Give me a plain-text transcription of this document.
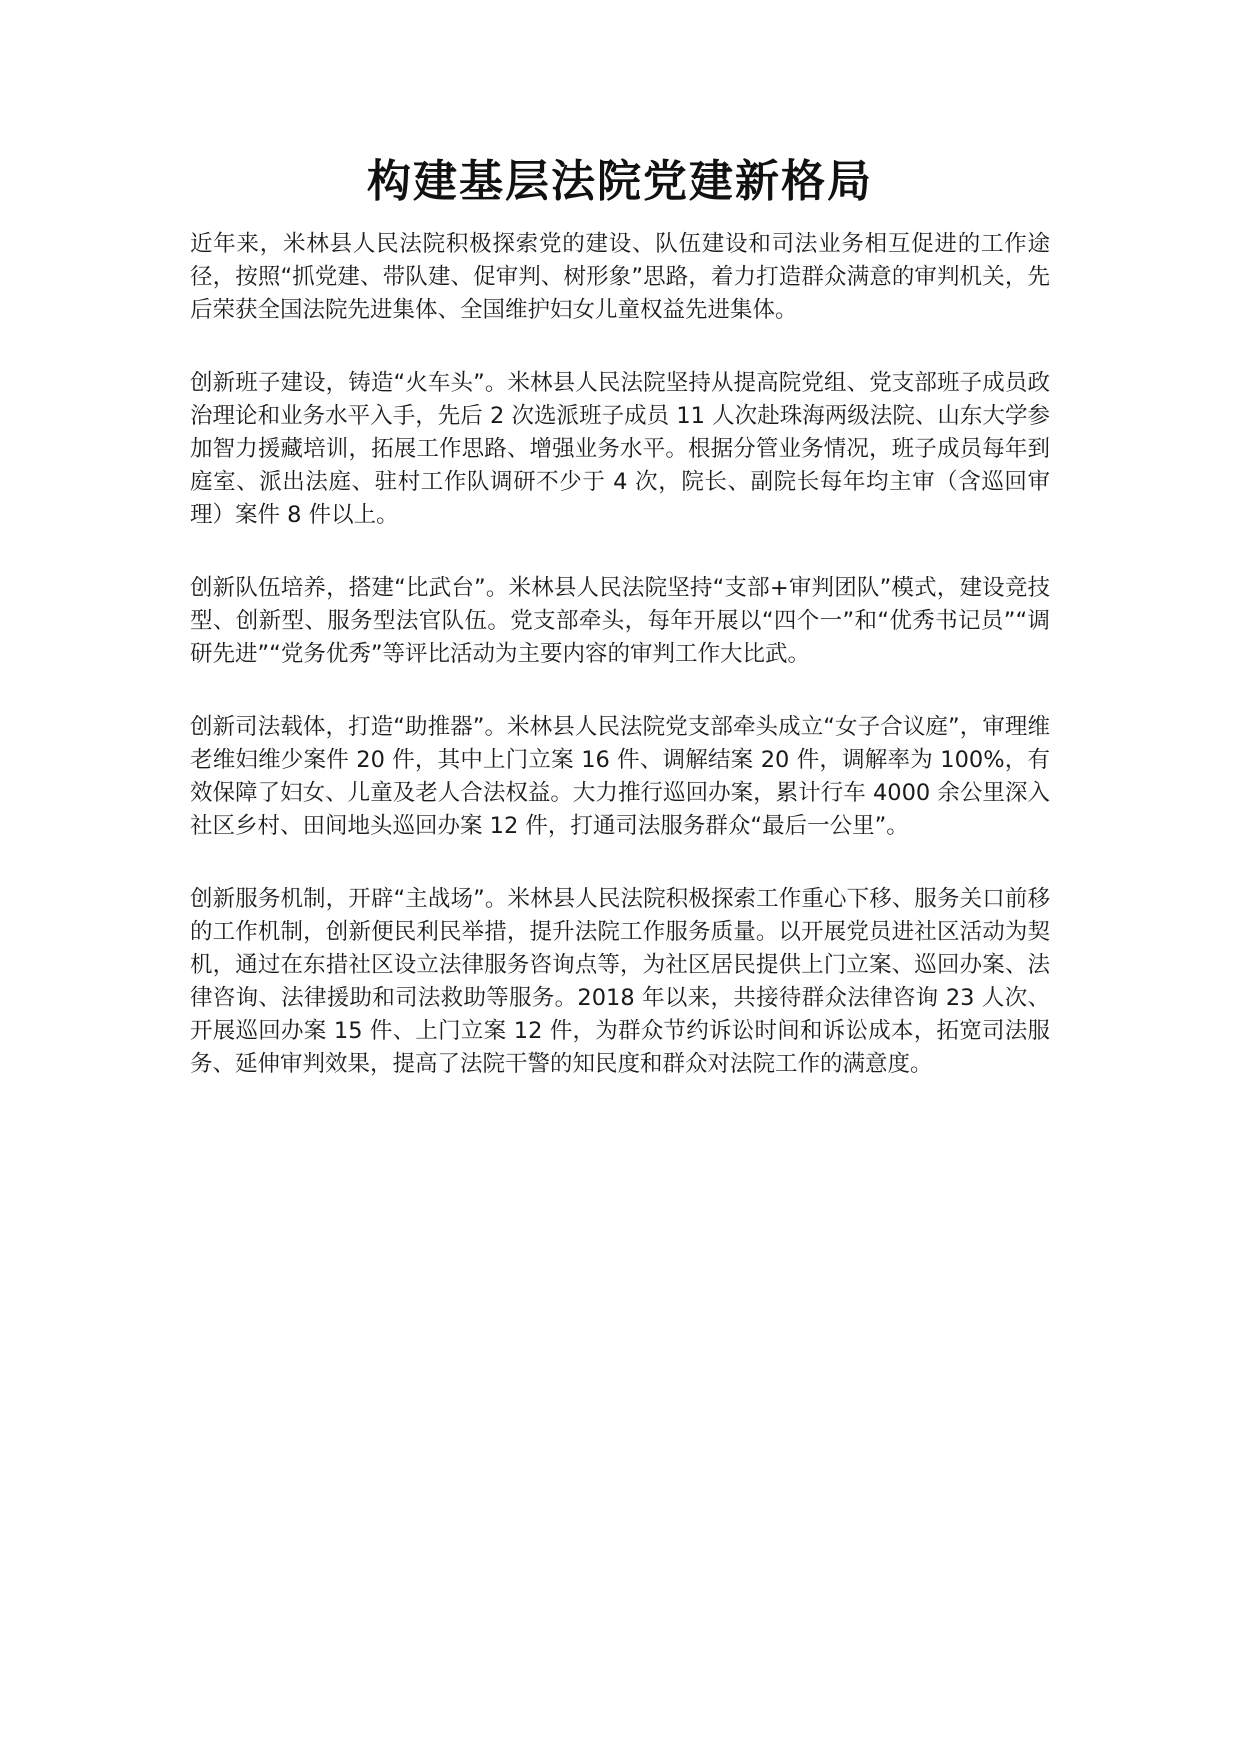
构建基层法院党建新格局

近年来，米林县人民法院积极探索党的建设、队伍建设和司法业务相互促进的工作途径，按照“抓党建、带队建、促审判、树形象”思路，着力打造群众满意的审判机关，先后荣获全国法院先进集体、全国维护妇女儿童权益先进集体。

创新班子建设，铸造“火车头”。米林县人民法院坚持从提高院党组、党支部班子成员政治理论和业务水平入手，先后 2 次选派班子成员 11 人次赴珠海两级法院、山东大学参加智力援藏培训，拓展工作思路、增强业务水平。根据分管业务情况，班子成员每年到庭室、派出法庭、驻村工作队调研不少于 4 次，院长、副院长每年均主审（含巡回审理）案件 8 件以上。

创新队伍培养，搭建“比武台”。米林县人民法院坚持“支部+审判团队”模式，建设竞技型、创新型、服务型法官队伍。党支部牵头，每年开展以“四个一”和“优秀书记员”“调研先进”“党务优秀”等评比活动为主要内容的审判工作大比武。

创新司法载体，打造“助推器”。米林县人民法院党支部牵头成立“女子合议庭”，审理维老维妇维少案件 20 件，其中上门立案 16 件、调解结案 20 件，调解率为 100%，有效保障了妇女、儿童及老人合法权益。大力推行巡回办案，累计行车 4000 余公里深入社区乡村、田间地头巡回办案 12 件，打通司法服务群众“最后一公里”。

创新服务机制，开辟“主战场”。米林县人民法院积极探索工作重心下移、服务关口前移的工作机制，创新便民利民举措，提升法院工作服务质量。以开展党员进社区活动为契机，通过在东措社区设立法律服务咨询点等，为社区居民提供上门立案、巡回办案、法律咨询、法律援助和司法救助等服务。2018 年以来，共接待群众法律咨询 23 人次、开展巡回办案 15 件、上门立案 12 件，为群众节约诉讼时间和诉讼成本，拓宽司法服务、延伸审判效果，提高了法院干警的知民度和群众对法院工作的满意度。
